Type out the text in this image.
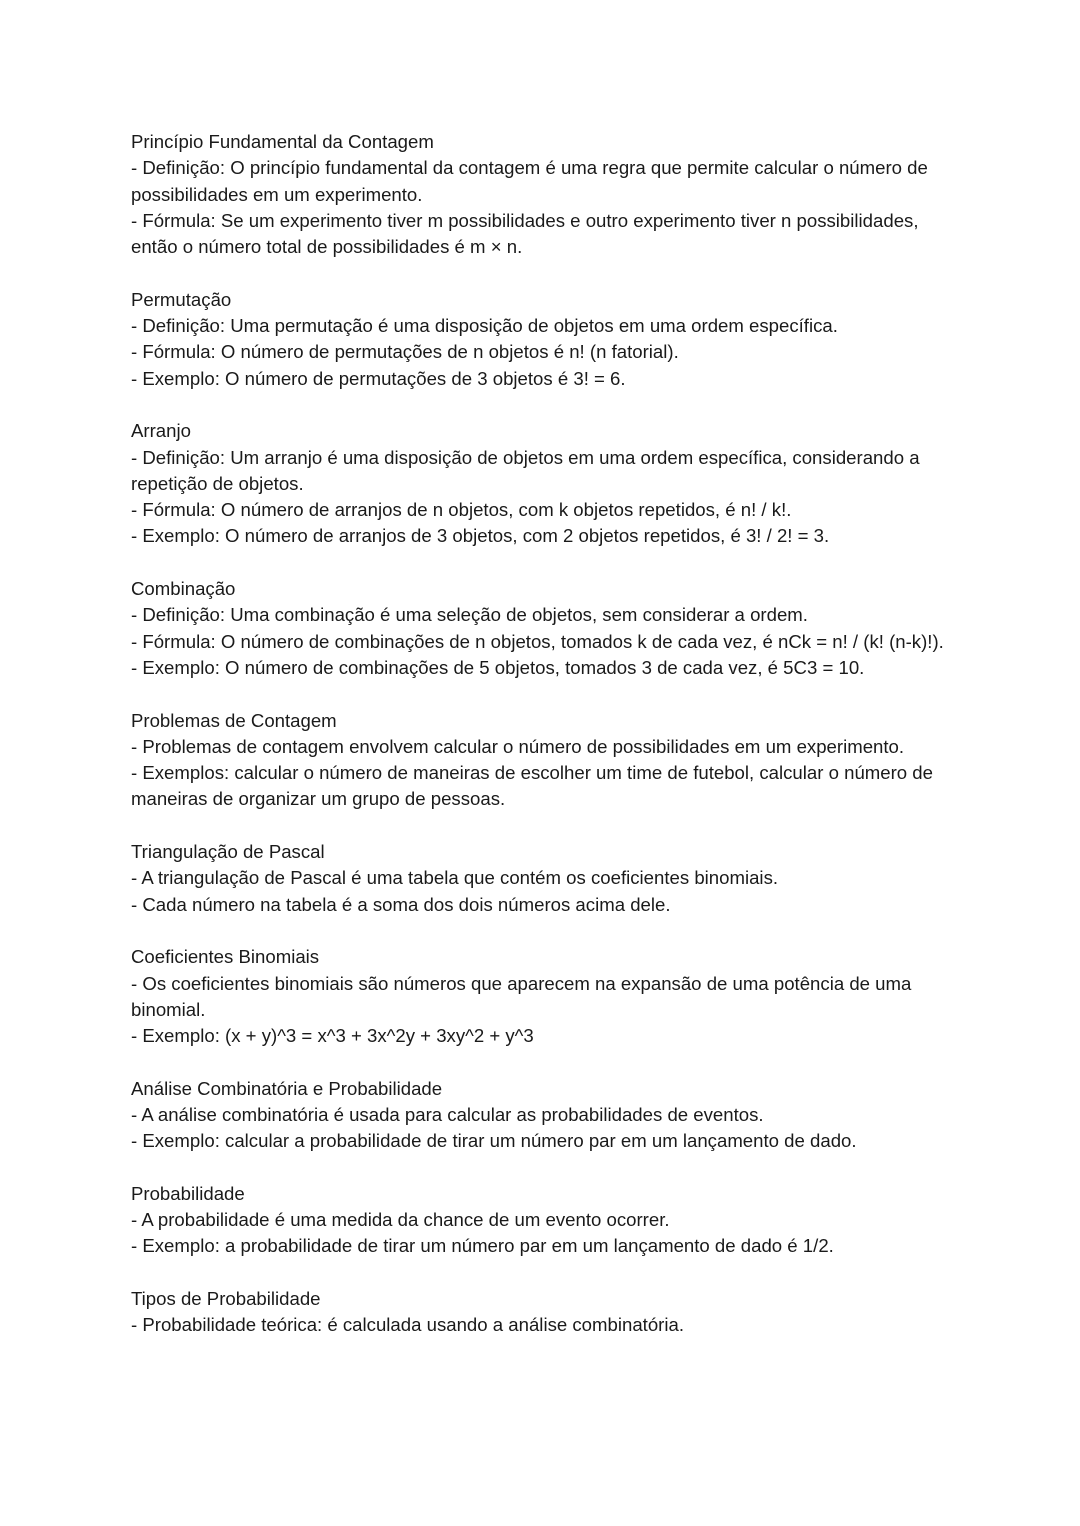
Princípio Fundamental da Contagem
- Definição: O princípio fundamental da contagem é uma regra que permite calcular o número de possibilidades em um experimento.
- Fórmula: Se um experimento tiver m possibilidades e outro experimento tiver n possibilidades, então o número total de possibilidades é m × n.
Permutação
- Definição: Uma permutação é uma disposição de objetos em uma ordem específica.
- Fórmula: O número de permutações de n objetos é n! (n fatorial).
- Exemplo: O número de permutações de 3 objetos é 3! = 6.
Arranjo
- Definição: Um arranjo é uma disposição de objetos em uma ordem específica, considerando a repetição de objetos.
- Fórmula: O número de arranjos de n objetos, com k objetos repetidos, é n! / k!.
- Exemplo: O número de arranjos de 3 objetos, com 2 objetos repetidos, é 3! / 2! = 3.
Combinação
- Definição: Uma combinação é uma seleção de objetos, sem considerar a ordem.
- Fórmula: O número de combinações de n objetos, tomados k de cada vez, é nCk = n! / (k! (n-k)!).
- Exemplo: O número de combinações de 5 objetos, tomados 3 de cada vez, é 5C3 = 10.
Problemas de Contagem
- Problemas de contagem envolvem calcular o número de possibilidades em um experimento.
- Exemplos: calcular o número de maneiras de escolher um time de futebol, calcular o número de maneiras de organizar um grupo de pessoas.
Triangulação de Pascal
- A triangulação de Pascal é uma tabela que contém os coeficientes binomiais.
- Cada número na tabela é a soma dos dois números acima dele.
Coeficientes Binomiais
- Os coeficientes binomiais são números que aparecem na expansão de uma potência de uma binomial.
- Exemplo: (x + y)^3 = x^3 + 3x^2y + 3xy^2 + y^3
Análise Combinatória e Probabilidade
- A análise combinatória é usada para calcular as probabilidades de eventos.
- Exemplo: calcular a probabilidade de tirar um número par em um lançamento de dado.
Probabilidade
- A probabilidade é uma medida da chance de um evento ocorrer.
- Exemplo: a probabilidade de tirar um número par em um lançamento de dado é 1/2.
Tipos de Probabilidade
- Probabilidade teórica: é calculada usando a análise combinatória.
